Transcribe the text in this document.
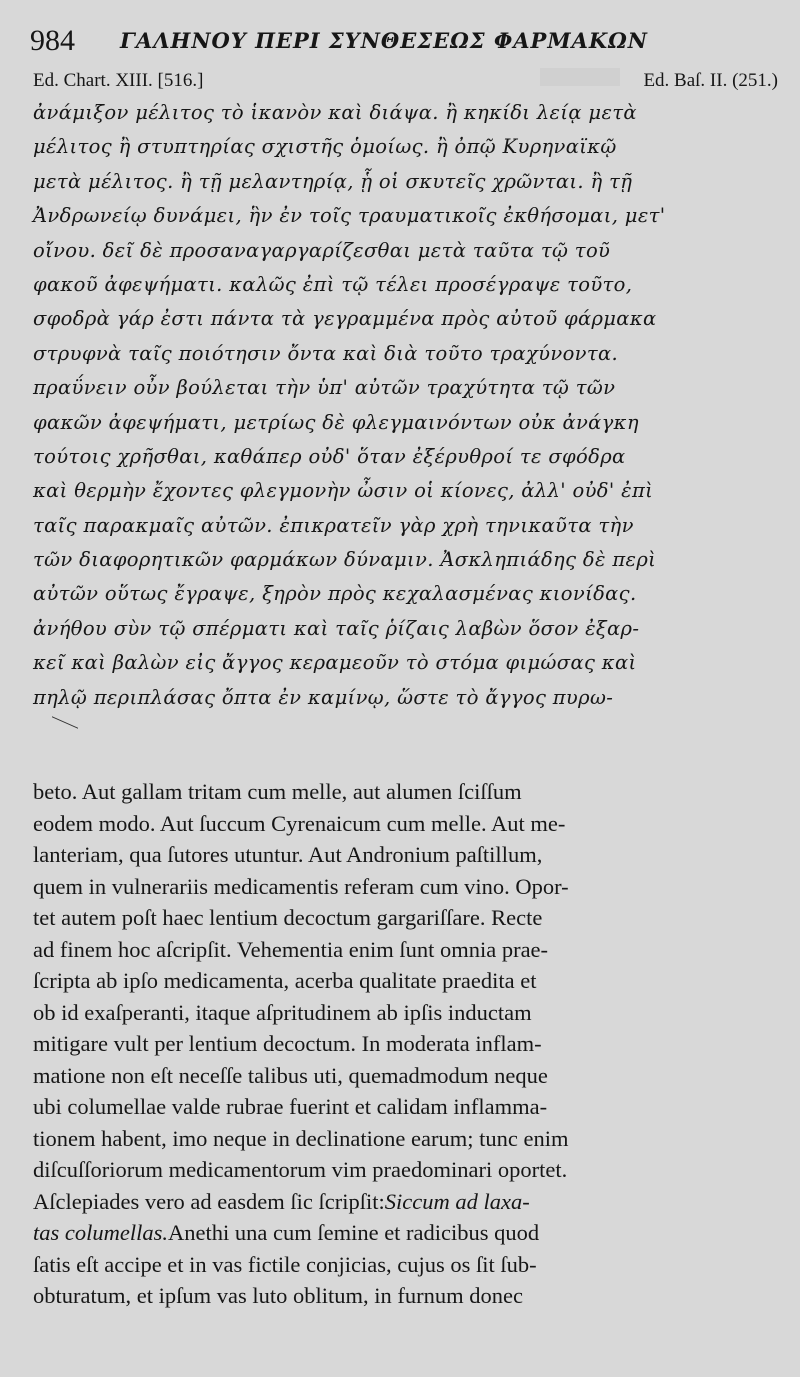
984 ΓΑΛΗΝΟΥ ΠΕΡΙ ΣΥΝΘΕΣΕΩΣ ΦΑΡΜΑΚΩΝ
Ed. Chart. XIII. [516.]	Ed. Baſ. II. (251.)
ἀνάμιξον μέλιτος τὸ ἱκανὸν καὶ διάψα. ἢ κηκίδι λείᾳ μετὰ
μέλιτος ἢ στυπτηρίας σχιστῆς ὁμοίως. ἢ ὀπῷ Κυρηναϊκῷ
μετὰ μέλιτος. ἢ τῇ μελαντηρίᾳ, ᾗ οἱ σκυτεῖς χρῶνται. ἢ τῇ
Ἀνδρωνείῳ δυνάμει, ἣν ἐν τοῖς τραυματικοῖς ἐκθήσομαι, μετ'
οἴνου. δεῖ δὲ προσαναγαργαρίζεσθαι μετὰ ταῦτα τῷ τοῦ
φακοῦ ἀφεψήματι. καλῶς ἐπὶ τῷ τέλει προσέγραψε τοῦτο,
σφοδρὰ γάρ ἐστι πάντα τὰ γεγραμμένα πρὸς αὐτοῦ φάρμακα
στρυφνὰ ταῖς ποιότησιν ὄντα καὶ διὰ τοῦτο τραχύνοντα.
πραΰνειν οὖν βούλεται τὴν ὑπ' αὐτῶν τραχύτητα τῷ τῶν
φακῶν ἀφεψήματι, μετρίως δὲ φλεγμαινόντων οὐκ ἀνάγκη
τούτοις χρῆσθαι, καθάπερ οὐδ' ὅταν ἐξέρυθροί τε σφόδρα
καὶ θερμὴν ἔχοντες φλεγμονὴν ὦσιν οἱ κίονες, ἀλλ' οὐδ' ἐπὶ
ταῖς παρακμαῖς αὐτῶν. ἐπικρατεῖν γὰρ χρὴ τηνικαῦτα τὴν
τῶν διαφορητικῶν φαρμάκων δύναμιν. Ἀσκληπιάδης δὲ περὶ
αὐτῶν οὕτως ἔγραψε, ξηρὸν πρὸς κεχαλασμένας κιονίδας.
ἀνήθου σὺν τῷ σπέρματι καὶ ταῖς ῥίζαις λαβὼν ὅσον ἐξαρ-
κεῖ καὶ βαλὼν εἰς ἄγγος κεραμεοῦν τὸ στόμα φιμώσας καὶ
πηλῷ περιπλάσας ὄπτα ἐν καμίνῳ, ὥστε τὸ ἄγγος πυρω-
beto. Aut gallam tritam cum melle, aut alumen ſciſſum
eodem modo. Aut ſuccum Cyrenaicum cum melle. Aut me-
lanteriam, qua ſutores utuntur. Aut Andronium paſtillum,
quem in vulnerariis medicamentis referam cum vino. Opor-
tet autem poſt haec lentium decoctum gargariſſare. Recte
ad finem hoc aſcripſit. Vehementia enim ſunt omnia prae-
ſcripta ab ipſo medicamenta, acerba qualitate praedita et
ob id exaſperanti, itaque aſpritudinem ab ipſis inductam
mitigare vult per lentium decoctum. In moderata inflam-
matione non eſt neceſſe talibus uti, quemadmodum neque
ubi columellae valde rubrae fuerint et calidam inflamma-
tionem habent, imo neque in declinatione earum; tunc enim
diſcuſſoriorum medicamentorum vim praedominari oportet.
Aſclepiades vero ad easdem ſic ſcripſit:Siccum ad laxa-
tas columellas.Anethi una cum ſemine et radicibus quod
ſatis eſt accipe et in vas fictile conjicias, cujus os ſit ſub-
obturatum, et ipſum vas luto oblitum, in furnum donec
